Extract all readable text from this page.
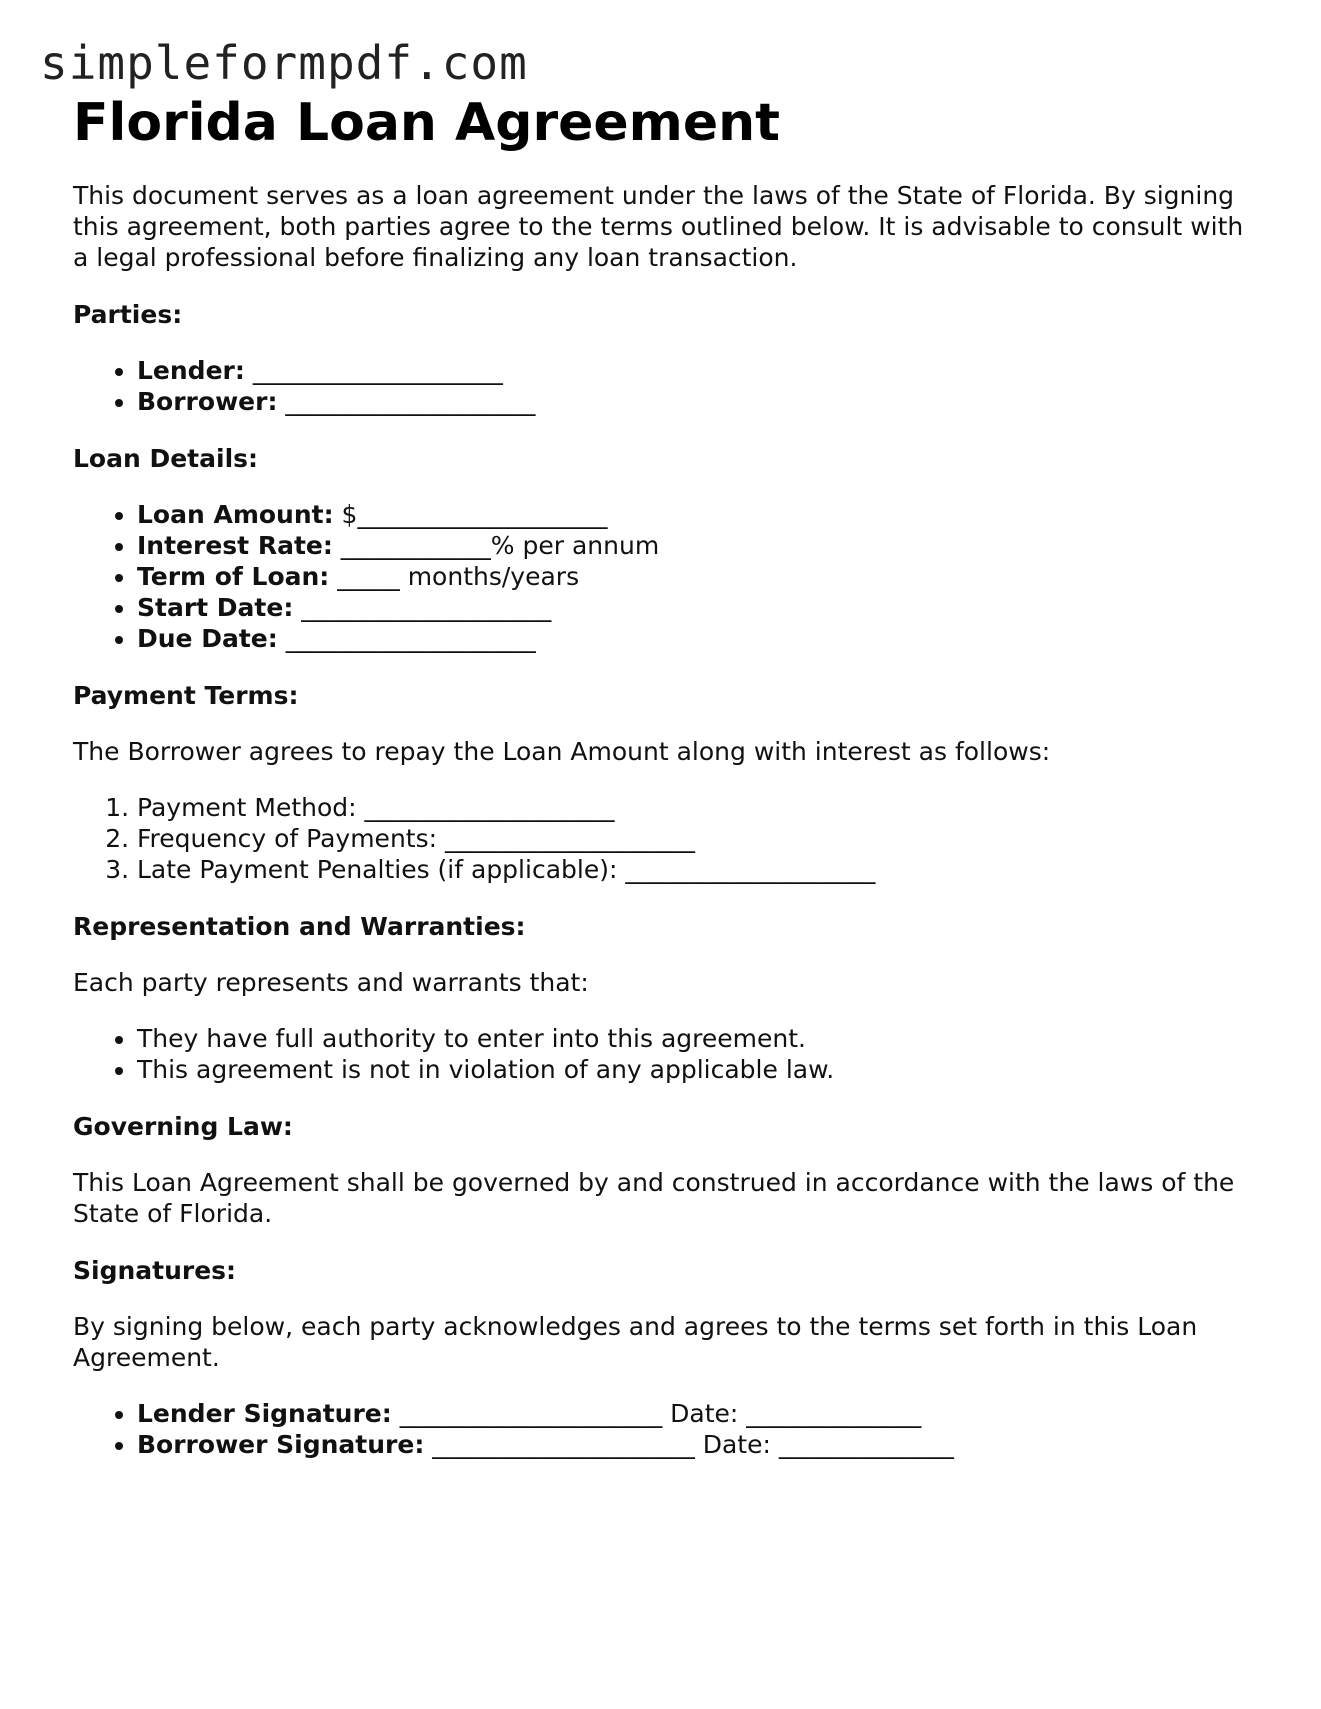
simpleformpdf.com
Florida Loan Agreement

This document serves as a loan agreement under the laws of the State of Florida. By signing this agreement, both parties agree to the terms outlined below. It is advisable to consult with a legal professional before finalizing any loan transaction.

Parties:
• Lender: ____________________
• Borrower: ____________________
Loan Details:
• Loan Amount: $____________________
• Interest Rate: ____________% per annum
• Term of Loan: _____ months/years
• Start Date: ____________________
• Due Date: ____________________
Payment Terms:

The Borrower agrees to repay the Loan Amount along with interest as follows:

1. Payment Method: ____________________
2. Frequency of Payments: ____________________
3. Late Payment Penalties (if applicable): ____________________
Representation and Warranties:

Each party represents and warrants that:

• They have full authority to enter into this agreement.
• This agreement is not in violation of any applicable law.
Governing Law:

This Loan Agreement shall be governed by and construed in accordance with the laws of the State of Florida.

Signatures:

By signing below, each party acknowledges and agrees to the terms set forth in this Loan Agreement.

• Lender Signature: _____________________ Date: ______________
• Borrower Signature: _____________________ Date: ______________
